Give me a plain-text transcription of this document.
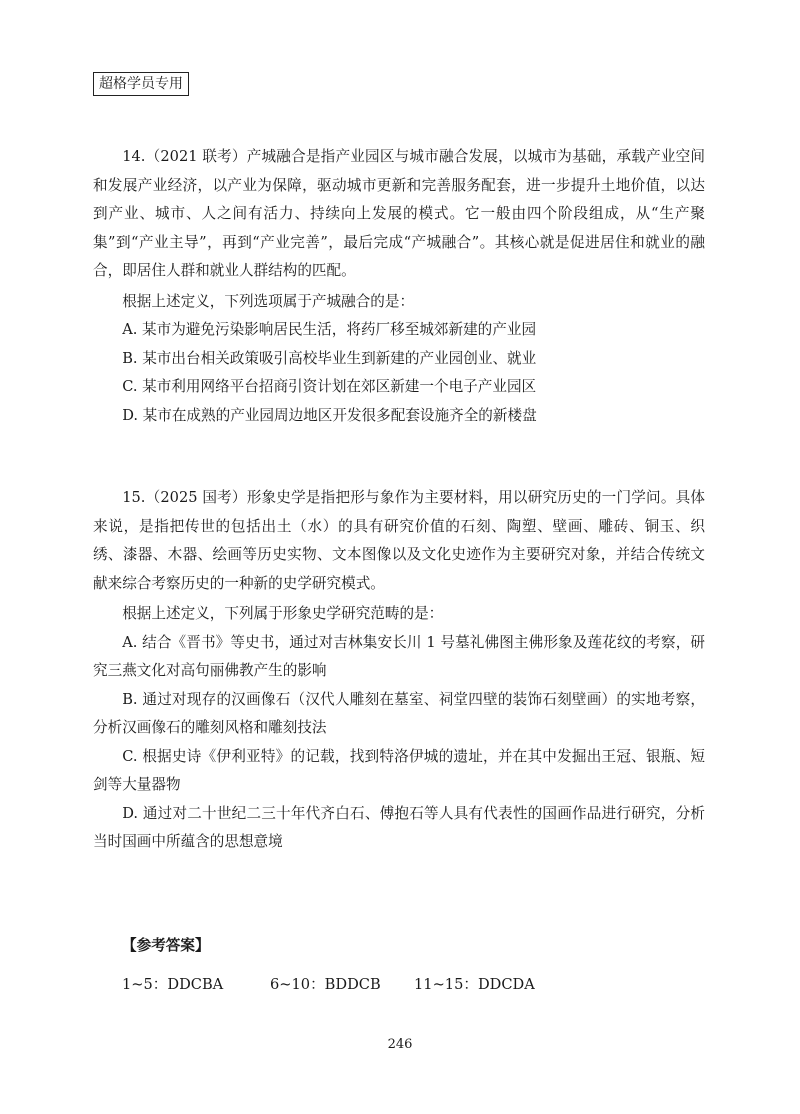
超格学员专用

14.（2021 联考）产城融合是指产业园区与城市融合发展，以城市为基础，承载产业空间和发展产业经济，以产业为保障，驱动城市更新和完善服务配套，进一步提升土地价值，以达到产业、城市、人之间有活力、持续向上发展的模式。它一般由四个阶段组成，从“生产聚集”到“产业主导”，再到“产业完善”，最后完成“产城融合”。其核心就是促进居住和就业的融合，即居住人群和就业人群结构的匹配。

根据上述定义，下列选项属于产城融合的是：

A. 某市为避免污染影响居民生活，将药厂移至城郊新建的产业园

B. 某市出台相关政策吸引高校毕业生到新建的产业园创业、就业

C. 某市利用网络平台招商引资计划在郊区新建一个电子产业园区

D. 某市在成熟的产业园周边地区开发很多配套设施齐全的新楼盘

15.（2025 国考）形象史学是指把形与象作为主要材料，用以研究历史的一门学问。具体来说，是指把传世的包括出土（水）的具有研究价值的石刻、陶塑、壁画、雕砖、铜玉、织绣、漆器、木器、绘画等历史实物、文本图像以及文化史迹作为主要研究对象，并结合传统文献来综合考察历史的一种新的史学研究模式。

根据上述定义，下列属于形象史学研究范畴的是：

A. 结合《晋书》等史书，通过对吉林集安长川 1 号墓礼佛图主佛形象及莲花纹的考察，研究三燕文化对高句丽佛教产生的影响

B. 通过对现存的汉画像石（汉代人雕刻在墓室、祠堂四壁的装饰石刻壁画）的实地考察，分析汉画像石的雕刻风格和雕刻技法

C. 根据史诗《伊利亚特》的记载，找到特洛伊城的遗址，并在其中发掘出王冠、银瓶、短剑等大量器物

D. 通过对二十世纪二三十年代齐白石、傅抱石等人具有代表性的国画作品进行研究，分析当时国画中所蕴含的思想意境

【参考答案】
1~5：DDCBA	6~10：BDDCB 11~15：DDCDA
246
